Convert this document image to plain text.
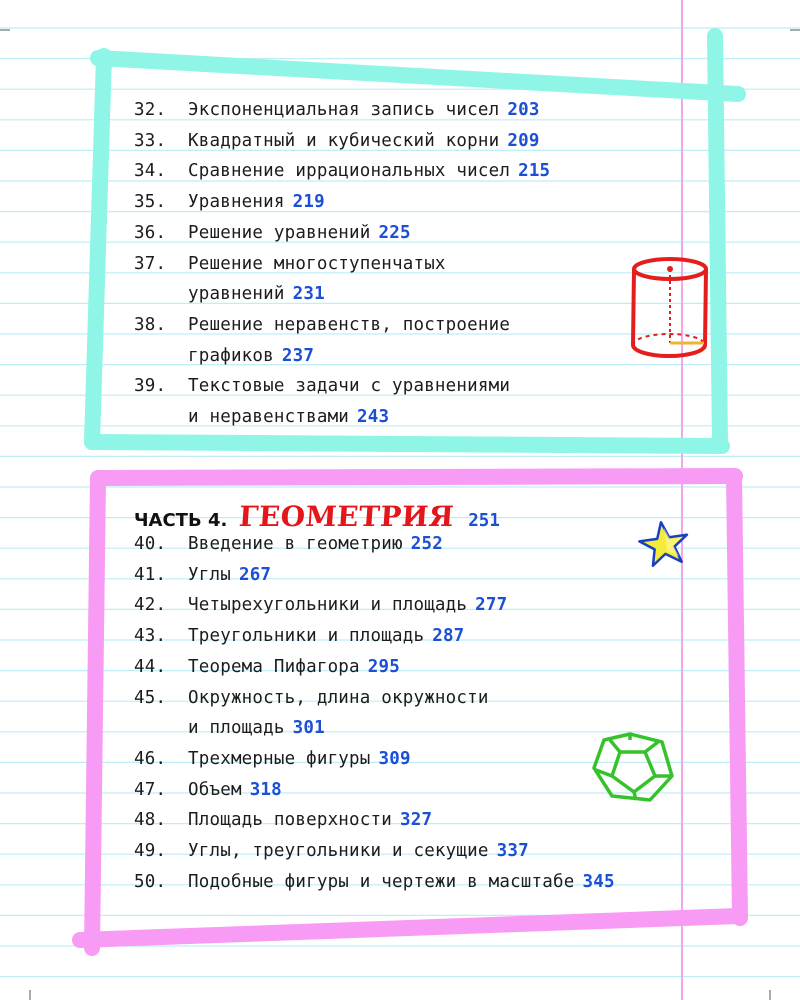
32. Экспоненциальная запись чисел 203
33. Квадратный и кубический корни 209
34. Сравнение иррациональных чисел 215
35. Уравнения 219
36. Решение уравнений 225
37. Решение многоступенчатых
уравнений 231
38. Решение неравенств, построение
графиков 237
39. Текстовые задачи с уравнениями
и неравенствами 243
ЧАСТЬ 4. ГЕОМЕТРИЯ 251
40. Введение в геометрию 252
41. Углы 267
42. Четырехугольники и площадь 277
43. Треугольники и площадь 287
44. Теорема Пифагора 295
45. Окружность, длина окружности
и площадь 301
46. Трехмерные фигуры 309
47. Объем 318
48. Площадь поверхности 327
49. Углы, треугольники и секущие 337
50. Подобные фигуры и чертежи в масштабе 345
